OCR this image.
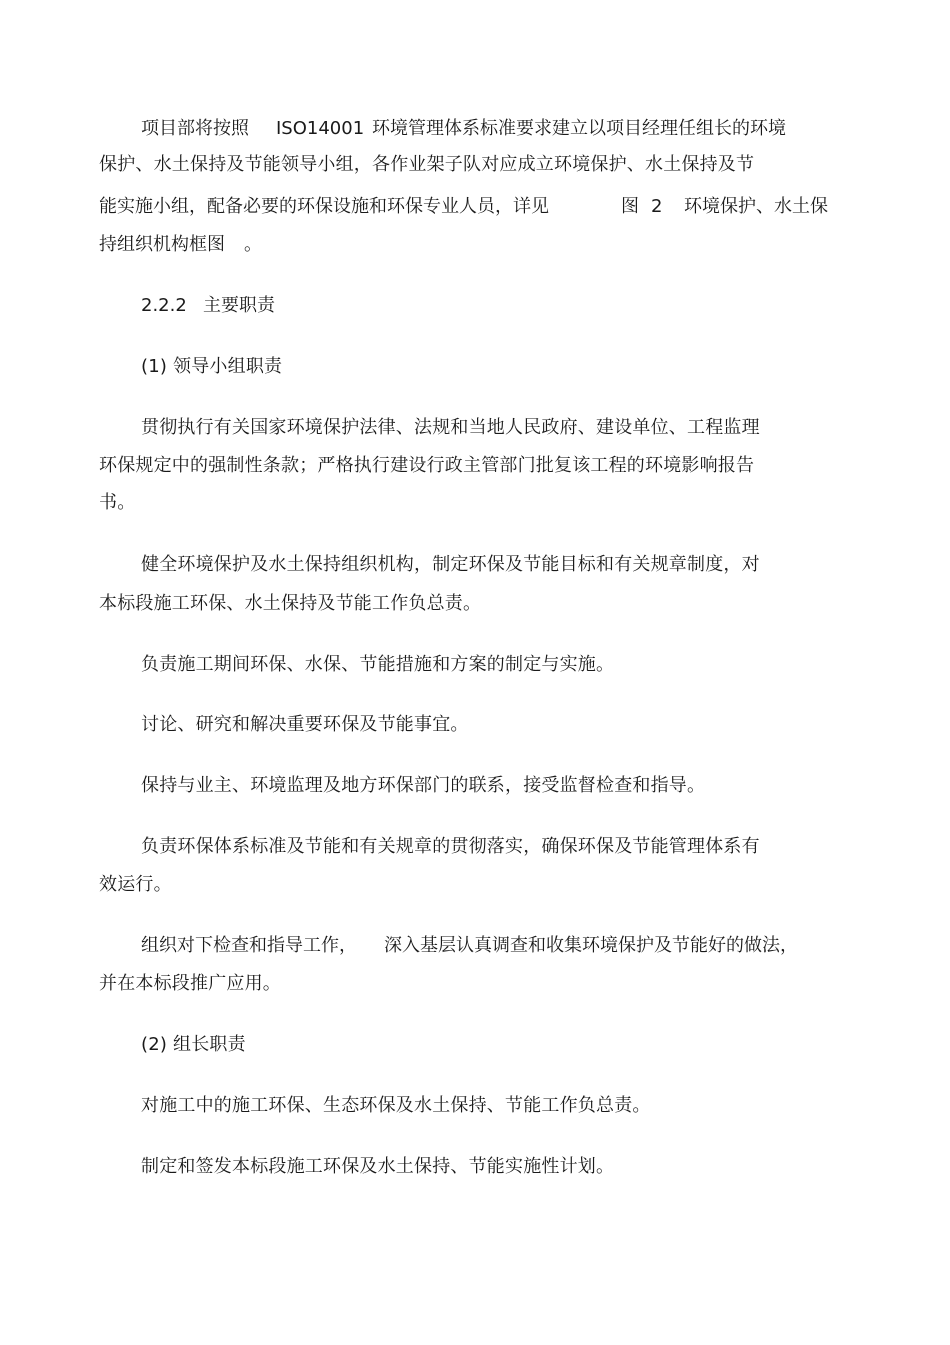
项目部将按照 ISO14001 环境管理体系标准要求建立以项目经理任组长的环境
保护、水土保持及节能领导小组，各作业架子队对应成立环境保护、水土保持及节
能实施小组，配备必要的环保设施和环保专业人员，详见	图 2 环境保护、水土保
持组织机构框图 。
2.2.2 主要职责
(1) 领导小组职责
贯彻执行有关国家环境保护法律、法规和当地人民政府、建设单位、工程监理
环保规定中的强制性条款；严格执行建设行政主管部门批复该工程的环境影响报告
书。
健全环境保护及水土保持组织机构，制定环保及节能目标和有关规章制度，对
本标段施工环保、水土保持及节能工作负总责。
负责施工期间环保、水保、节能措施和方案的制定与实施。
讨论、研究和解决重要环保及节能事宜。
保持与业主、环境监理及地方环保部门的联系，接受监督检查和指导。
负责环保体系标准及节能和有关规章的贯彻落实，确保环保及节能管理体系有
效运行。
组织对下检查和指导工作， 深入基层认真调查和收集环境保护及节能好的做法，
并在本标段推广应用。
(2) 组长职责
对施工中的施工环保、生态环保及水土保持、节能工作负总责。
制定和签发本标段施工环保及水土保持、节能实施性计划。
